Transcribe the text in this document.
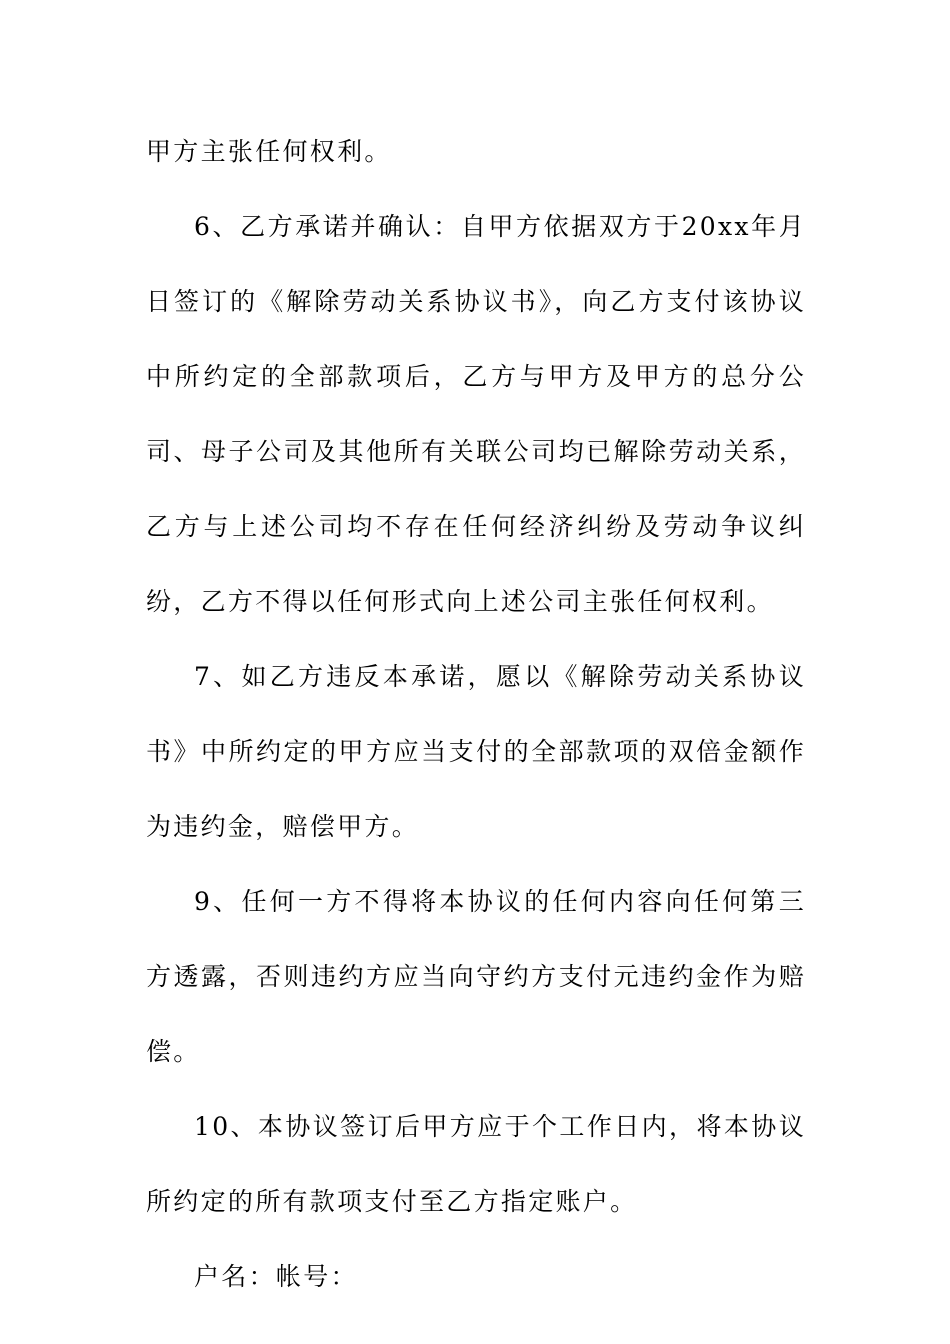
甲方主张任何权利。

6、乙方承诺并确认：自甲方依据双方于20xx年月日签订的《解除劳动关系协议书》，向乙方支付该协议中所约定的全部款项后，乙方与甲方及甲方的总分公司、母子公司及其他所有关联公司均已解除劳动关系，乙方与上述公司均不存在任何经济纠纷及劳动争议纠纷，乙方不得以任何形式向上述公司主张任何权利。

7、如乙方违反本承诺，愿以《解除劳动关系协议书》中所约定的甲方应当支付的全部款项的双倍金额作为违约金，赔偿甲方。

9、任何一方不得将本协议的任何内容向任何第三方透露，否则违约方应当向守约方支付元违约金作为赔偿。

10、本协议签订后甲方应于个工作日内，将本协议所约定的所有款项支付至乙方指定账户。

户名：帐号：
